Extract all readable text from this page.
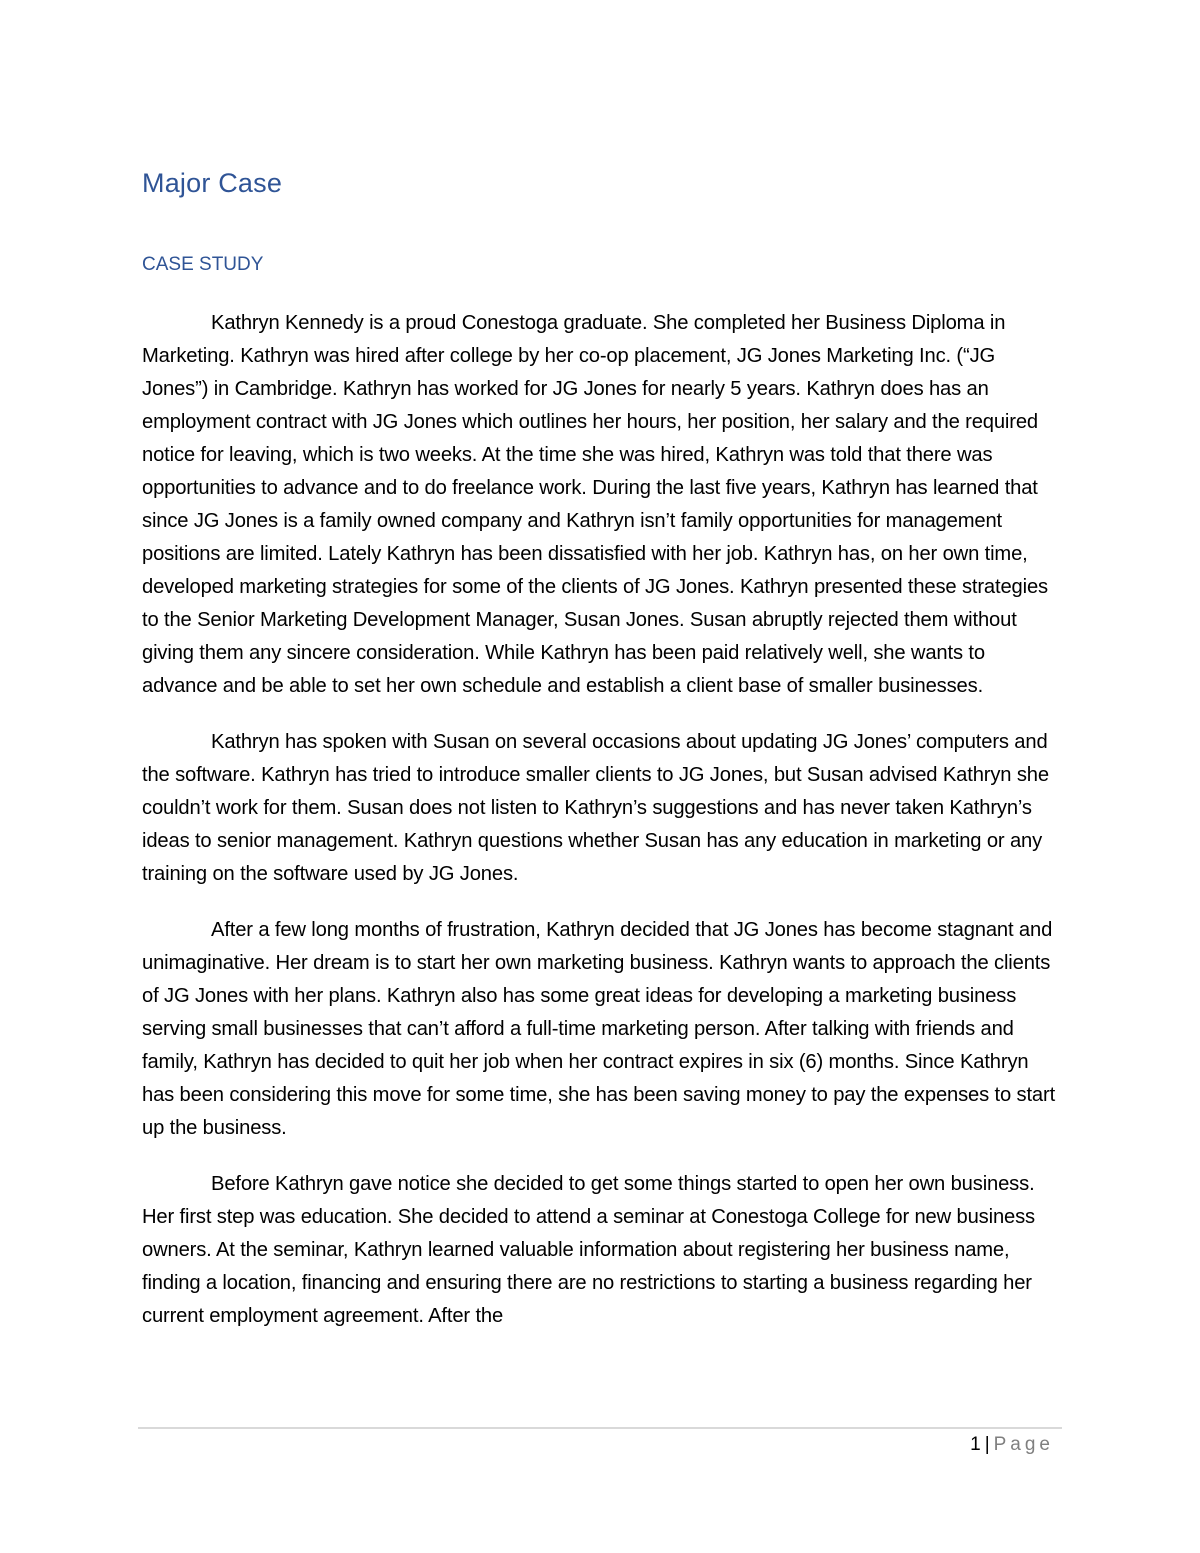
Major Case
CASE STUDY

Kathryn Kennedy is a proud Conestoga graduate. She completed her Business Diploma in Marketing. Kathryn was hired after college by her co-op placement, JG Jones Marketing Inc. (“JG Jones”) in Cambridge. Kathryn has worked for JG Jones for nearly 5 years. Kathryn does has an employment contract with JG Jones which outlines her hours, her position, her salary and the required notice for leaving, which is two weeks. At the time she was hired, Kathryn was told that there was opportunities to advance and to do freelance work. During the last five years, Kathryn has learned that since JG Jones is a family owned company and Kathryn isn’t family opportunities for management positions are limited. Lately Kathryn has been dissatisfied with her job. Kathryn has, on her own time, developed marketing strategies for some of the clients of JG Jones. Kathryn presented these strategies to the Senior Marketing Development Manager, Susan Jones. Susan abruptly rejected them without giving them any sincere consideration. While Kathryn has been paid relatively well, she wants to advance and be able to set her own schedule and establish a client base of smaller businesses.

Kathryn has spoken with Susan on several occasions about updating JG Jones’ computers and the software. Kathryn has tried to introduce smaller clients to JG Jones, but Susan advised Kathryn she couldn’t work for them. Susan does not listen to Kathryn’s suggestions and has never taken Kathryn’s ideas to senior management. Kathryn questions whether Susan has any education in marketing or any training on the software used by JG Jones.

After a few long months of frustration, Kathryn decided that JG Jones has become stagnant and unimaginative. Her dream is to start her own marketing business. Kathryn wants to approach the clients of JG Jones with her plans. Kathryn also has some great ideas for developing a marketing business serving small businesses that can’t afford a full-time marketing person. After talking with friends and family, Kathryn has decided to quit her job when her contract expires in six (6) months. Since Kathryn has been considering this move for some time, she has been saving money to pay the expenses to start up the business.

Before Kathryn gave notice she decided to get some things started to open her own business. Her first step was education. She decided to attend a seminar at Conestoga College for new business owners. At the seminar, Kathryn learned valuable information about registering her business name, finding a location, financing and ensuring there are no restrictions to starting a business regarding her current employment agreement. After the

1 | Page
